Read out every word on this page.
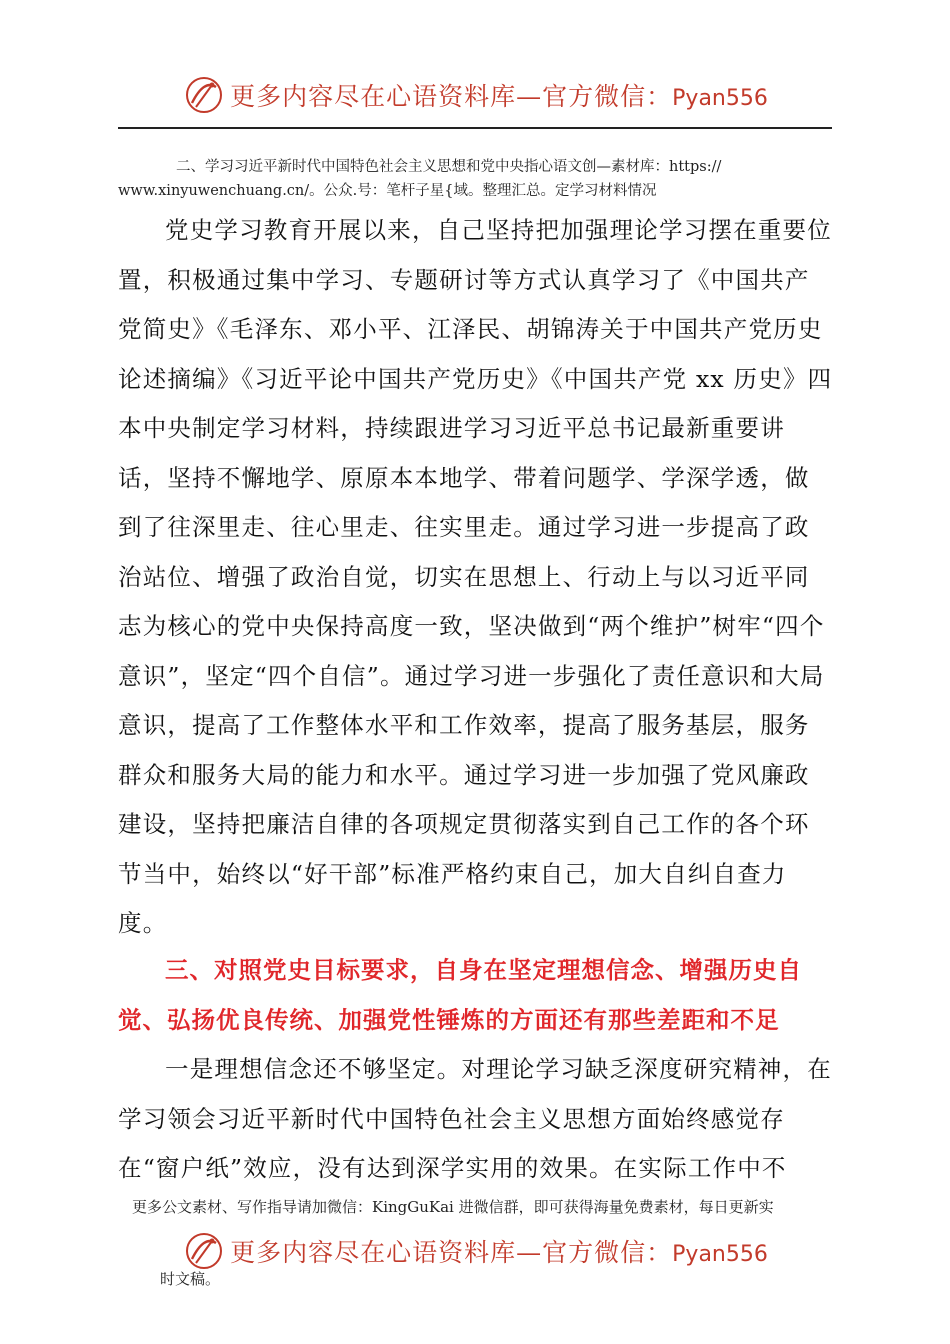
更多内容尽在心语资料库—官方微信：Pyan556
二、学习习近平新时代中国特色社会主义思想和党中央指心语文创—素材库：https://
www.xinyuwenchuang.cn/。公众.号：笔杆子星{域。整理汇总。定学习材料情况

党史学习教育开展以来，自己坚持把加强理论学习摆在重要位置，积极通过集中学习、专题研讨等方式认真学习了《中国共产党简史》《毛泽东、邓小平、江泽民、胡锦涛关于中国共产党历史论述摘编》《习近平论中国共产党历史》《中国共产党 xx 历史》四本中央制定学习材料，持续跟进学习习近平总书记最新重要讲话，坚持不懈地学、原原本本地学、带着问题学、学深学透，做到了往深里走、往心里走、往实里走。通过学习进一步提高了政治站位、增强了政治自觉，切实在思想上、行动上与以习近平同志为核心的党中央保持高度一致，坚决做到“两个维护”树牢“四个意识”，坚定“四个自信”。通过学习进一步强化了责任意识和大局意识，提高了工作整体水平和工作效率，提高了服务基层，服务群众和服务大局的能力和水平。通过学习进一步加强了党风廉政建设，坚持把廉洁自律的各项规定贯彻落实到自己工作的各个环节当中，始终以“好干部”标准严格约束自己，加大自纠自查力度。

三、对照党史目标要求，自身在坚定理想信念、增强历史自觉、弘扬优良传统、加强党性锤炼的方面还有那些差距和不足

一是理想信念还不够坚定。对理论学习缺乏深度研究精神，在学习领会习近平新时代中国特色社会主义思想方面始终感觉存在“窗户纸”效应，没有达到深学实用的效果。在实际工作中不

更多公文素材、写作指导请加微信：KingGuKai 进微信群，即可获得海量免费素材，每日更新实
更多内容尽在心语资料库—官方微信：Pyan556
时文稿。
